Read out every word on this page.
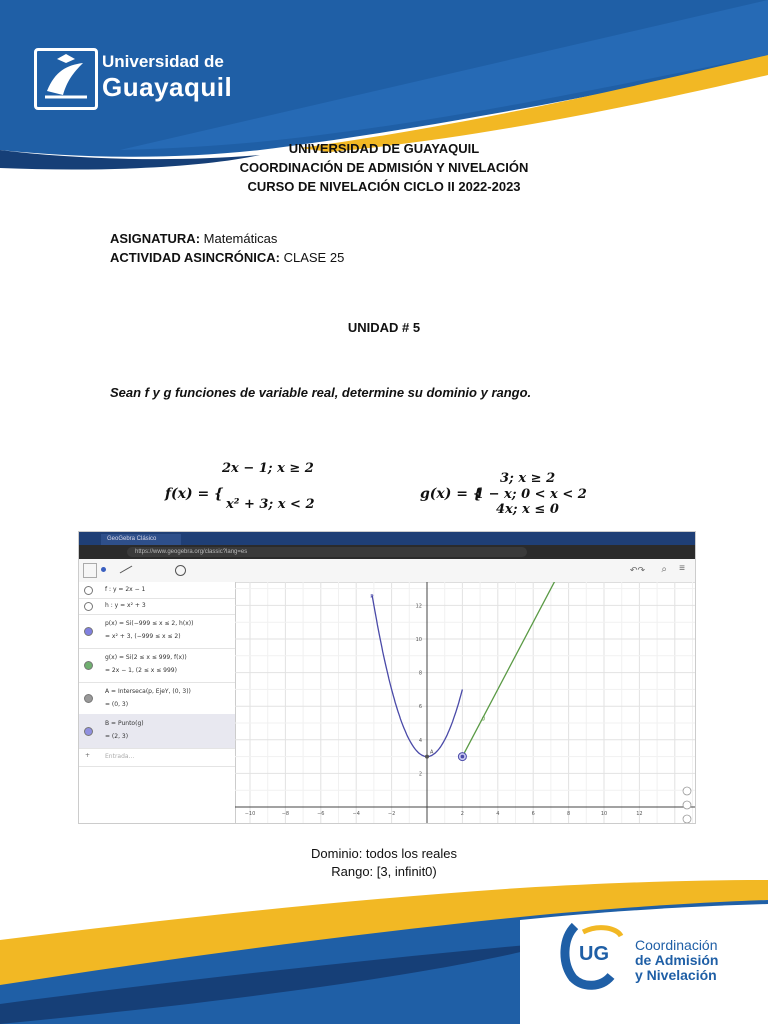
Universidad de
Guayaquil
UNIVERSIDAD DE GUAYAQUIL
COORDINACIÓN DE ADMISIÓN Y NIVELACIÓN
CURSO DE NIVELACIÓN CICLO II 2022-2023
ASIGNATURA: Matemáticas
ACTIVIDAD ASINCRÓNICA: CLASE 25
UNIDAD # 5
Sean f y g funciones de variable real, determine su dominio y rango.
2x − 1; x ≥ 2
f(x) = {
x² + 3; x < 2
3; x ≥ 2
g(x) = {
1 − x; 0 < x < 2
4x; x ≤ 0
GeoGebra Clásico
https://www.geogebra.org/classic?lang=es
↶↷ ⌕ ≡
f : y = 2x − 1
h : y = x² + 3
p(x) = Si(−999 ≤ x ≤ 2, h(x))
= x² + 3, (−999 ≤ x ≤ 2)
g(x) = Si(2 ≤ x ≤ 999, f(x))
= 2x − 1, (2 ≤ x ≤ 999)
A = Interseca(p, EjeY, (0, 3))
= (0, 3)
B = Punto(g)
= (2, 3)
+ Entrada...
−10	−8	−6	−4	−2	2	4	6	8	10	12
12
10
8
6
4
2
p
g
A
Dominio: todos los reales
Rango: [3, infinit0)
UG Coordinación
de Admisión
y Nivelación
